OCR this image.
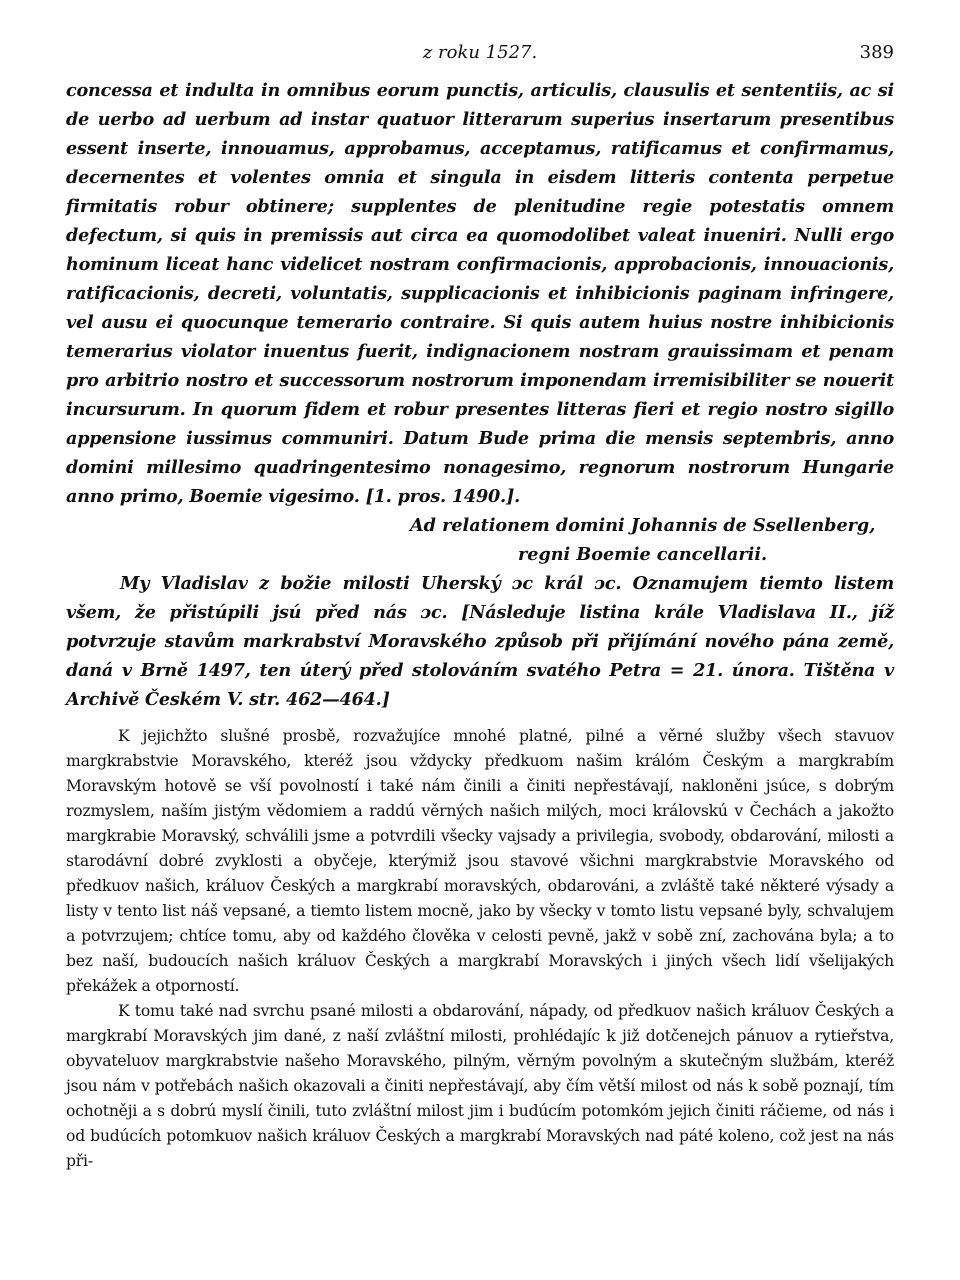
z roku 1527.	389

concessa et indulta in omnibus eorum punctis, articulis, clausulis et sententiis, ac si de uerbo ad uerbum ad instar quatuor litterarum superius insertarum presentibus essent inserte, innouamus, approbamus, acceptamus, ratificamus et confirmamus, decernentes et volentes omnia et singula in eisdem litteris contenta perpetue firmitatis robur obtinere; supplentes de plenitudine regie potestatis omnem defectum, si quis in premissis aut circa ea quomodolibet valeat inueniri. Nulli ergo hominum liceat hanc videlicet nostram confirmacionis, approbacionis, innouacionis, ratificacionis, decreti, voluntatis, supplicacionis et inhibicionis paginam infringere, vel ausu ei quocunque temerario contraire. Si quis autem huius nostre inhibicionis temerarius violator inuentus fuerit, indignacionem nostram grauissimam et penam pro arbitrio nostro et successorum nostrorum imponendam irremisibiliter se nouerit incursurum. In quorum fidem et robur presentes litteras fieri et regio nostro sigillo appensione iussimus communiri. Datum Bude prima die mensis septembris, anno domini millesimo quadringentesimo nonagesimo, regnorum nostrorum Hungarie anno primo, Boemie vigesimo. [1. pros. 1490.].

Ad relationem domini Johannis de Ssellenberg,

regni Boemie cancellarii.

My Vladislav z božie milosti Uherský ɔc král ɔc. Oznamujem tiemto listem všem, že přistúpili jsú před nás ɔc. [Následuje listina krále Vladislava II., jíž potvrzuje stavům markrabství Moravského způsob při přijímání nového pána země, daná v Brně 1497, ten úterý před stolováním svatého Petra = 21. února. Tištěna v Archivě Českém V. str. 462—464.]

K jejichžto slušné prosbě, rozvažujíce mnohé platné, pilné a věrné služby všech stavuov margkrabstvie Moravského, kteréž jsou vždycky předkuom našim králóm Českým a margkrabím Moravským hotově se vší povolností i také nám činili a činiti nepřestávají, nakloněni jsúce, s dobrým rozmyslem, naším jistým vědomiem a raddú věrných našich milých, moci královskú v Čechách a jakožto margkrabie Moravský, schválili jsme a potvrdili všecky vajsady a privilegia, svobody, obdarování, milosti a starodávní dobré zvyklosti a obyčeje, kterýmiž jsou stavové všichni margkrabstvie Moravského od předkuov našich, králuov Českých a margkrabí moravských, obdarováni, a zvláště také některé výsady a listy v tento list náš vepsané, a tiemto listem mocně, jako by všecky v tomto listu vepsané byly, schvalujem a potvrzujem; chtíce tomu, aby od každého člověka v celosti pevně, jakž v sobě zní, zachována byla; a to bez naší, budoucích našich králuov Českých a margkrabí Moravských i jiných všech lidí všelijakých překážek a otporností.

K tomu také nad svrchu psané milosti a obdarování, nápady, od předkuov našich králuov Českých a margkrabí Moravských jim dané, z naší zvláštní milosti, prohlédajíc k již dotčenejch pánuov a rytieřstva, obyvateluov margkrabstvie našeho Moravského, pilným, věrným povolným a skutečným službám, kteréž jsou nám v potřebách našich okazovali a činiti nepřestávají, aby čím větší milost od nás k sobě poznají, tím ochotněji a s dobrú myslí činili, tuto zvláštní milost jim i budúcím potomkóm jejich činiti ráčieme, od nás i od budúcích potomkuov našich králuov Českých a margkrabí Moravských nad páté koleno, což jest na nás při-
